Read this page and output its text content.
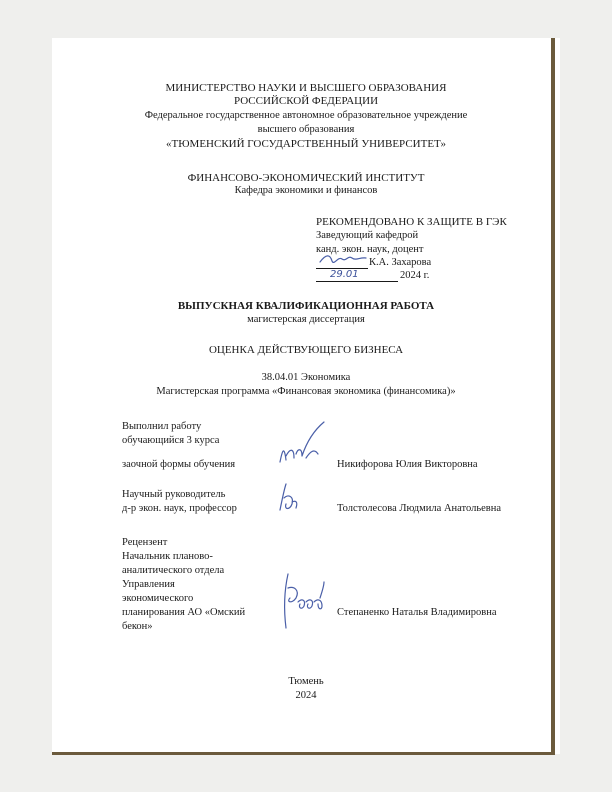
МИНИСТЕРСТВО НАУКИ И ВЫСШЕГО ОБРАЗОВАНИЯ
РОССИЙСКОЙ ФЕДЕРАЦИИ
Федеральное государственное автономное образовательное учреждение
высшего образования
«ТЮМЕНСКИЙ ГОСУДАРСТВЕННЫЙ УНИВЕРСИТЕТ»
ФИНАНСОВО-ЭКОНОМИЧЕСКИЙ ИНСТИТУТ
Кафедра экономики и финансов
РЕКОМЕНДОВАНО К ЗАЩИТЕ В ГЭК
Заведующий кафедрой
канд. экон. наук, доцент
К.А. Захарова
29.01	2024 г.
ВЫПУСКНАЯ КВАЛИФИКАЦИОННАЯ РАБОТА
магистерская диссертация
ОЦЕНКА ДЕЙСТВУЮЩЕГО БИЗНЕСА
38.04.01 Экономика
Магистерская программа «Финансовая экономика (финансомика)»
Выполнил работу
обучающийся 3 курса
заочной формы обучения	Никифорова Юлия Викторовна
Научный руководитель
д-р экон. наук, профессор	Толстолесова Людмила Анатольевна
Рецензент
Начальник планово-
аналитического отдела
Управления
экономического
планирования АО «Омский
бекон»
Степаненко Наталья Владимировна
Тюмень
2024
